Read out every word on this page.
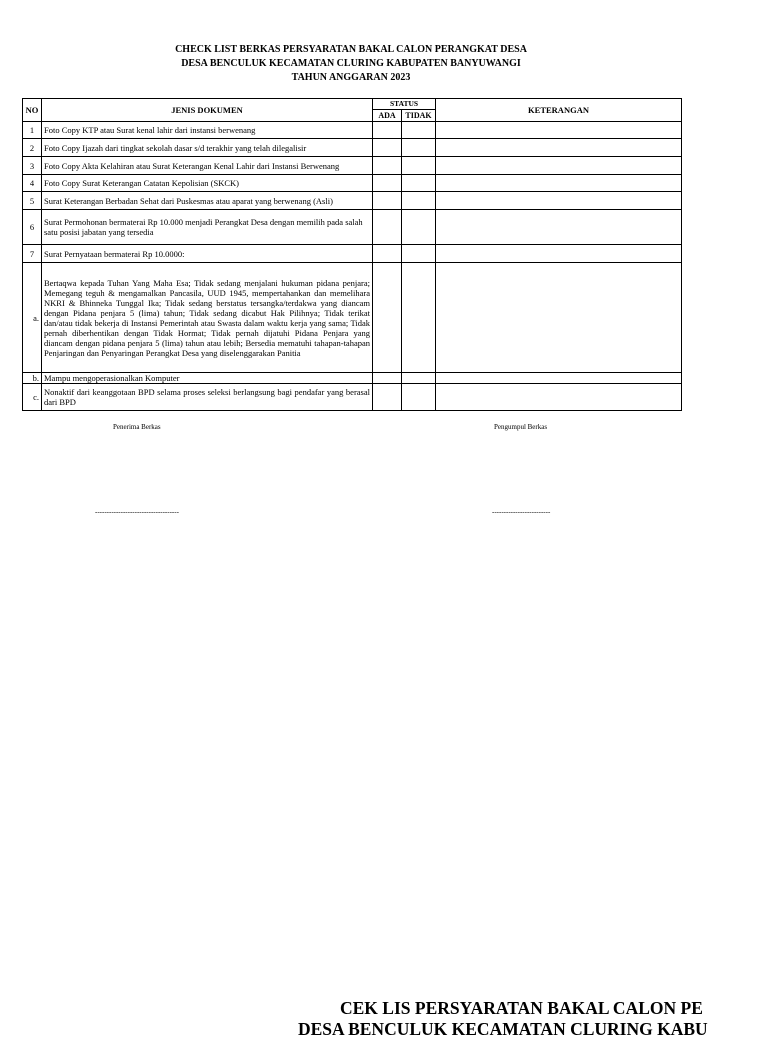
CHECK LIST BERKAS PERSYARATAN BAKAL CALON PERANGKAT DESA
DESA BENCULUK KECAMATAN CLURING KABUPATEN BANYUWANGI
TAHUN ANGGARAN 2023
NO	JENIS DOKUMEN	STATUS		KETERANGAN
		ADA	TIDAK	
1	Foto Copy KTP atau Surat kenal lahir dari instansi berwenang			
2	Foto Copy Ijazah dari tingkat sekolah dasar s/d terakhir yang telah dilegalisir			
3	Foto Copy Akta Kelahiran atau Surat Keterangan Kenal Lahir dari Instansi Berwenang			
4	Foto Copy Surat Keterangan Catatan Kepolisian (SKCK)			
5	Surat Keterangan Berbadan Sehat dari Puskesmas atau aparat yang berwenang (Asli)			
6	Surat Permohonan bermaterai Rp 10.000 menjadi Perangkat Desa dengan memilih pada salah satu posisi jabatan yang tersedia			
7	Surat Pernyataan bermaterai Rp 10.0000:			
a.	Bertaqwa kepada Tuhan Yang Maha Esa; Tidak sedang menjalani hukuman pidana penjara; Memegang teguh & mengamalkan Pancasila, UUD 1945, mempertahankan dan memelihara NKRI & Bhinneka Tunggal Ika; Tidak sedang berstatus tersangka/terdakwa yang diancam dengan Pidana penjara 5 (lima) tahun; Tidak sedang dicabut Hak Pilihnya; Tidak terikat dan/atau tidak bekerja di Instansi Pemerintah atau Swasta dalam waktu kerja yang sama; Tidak pernah diberhentikan dengan Tidak Hormat; Tidak pernah dijatuhi Pidana Penjara yang diancam dengan pidana penjara 5 (lima) tahun atau lebih; Bersedia mematuhi tahapan-tahapan Penjaringan dan Penyaringan Perangkat Desa yang diselenggarakan Panitia			
b.	Mampu mengoperasionalkan Komputer			
c.	Nonaktif dari keanggotaan BPD selama proses seleksi berlangsung bagi pendafar yang berasal dari BPD			
Penerima Berkas	Pengumpul Berkas
------------------------------------	-------------------------
CEK LIS PERSYARATAN BAKAL CALON PE
DESA BENCULUK KECAMATAN CLURING KABU
